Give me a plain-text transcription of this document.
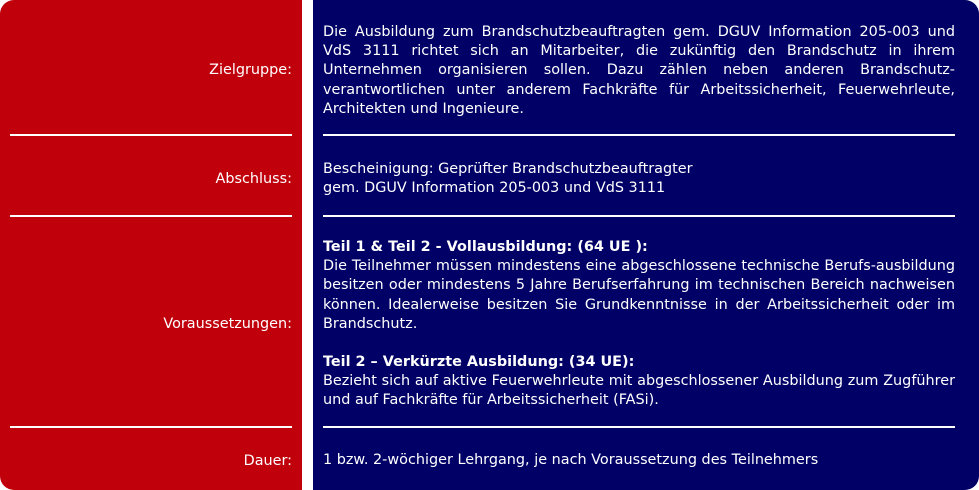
Zielgruppe:
Abschluss:
Voraussetzungen:
Dauer:

Die Ausbildung zum Brandschutzbeauftragten gem. DGUV Information 205-003 und VdS 3111 richtet sich an Mitarbeiter, die zukünftig den Brandschutz in ihrem Unternehmen organisieren sollen. Dazu zählen neben anderen Brandschutz-verantwortlichen unter anderem Fachkräfte für Arbeitssicherheit, Feuerwehrleute, Architekten und Ingenieure.

Bescheinigung: Geprüfter Brandschutzbeauftragter

gem. DGUV Information 205-003 und VdS 3111

Teil 1 & Teil 2 - Vollausbildung: (64 UE ):

Die Teilnehmer müssen mindestens eine abgeschlossene technische Berufs-ausbildung besitzen oder mindestens 5 Jahre Berufserfahrung im technischen Bereich nachweisen können. Idealerweise besitzen Sie Grundkenntnisse in der Arbeitssicherheit oder im Brandschutz.

Teil 2 – Verkürzte Ausbildung: (34 UE):

Bezieht sich auf aktive Feuerwehrleute mit abgeschlossener Ausbildung zum Zugführer und auf Fachkräfte für Arbeitssicherheit (FASi).

1 bzw. 2-wöchiger Lehrgang, je nach Voraussetzung des Teilnehmers
